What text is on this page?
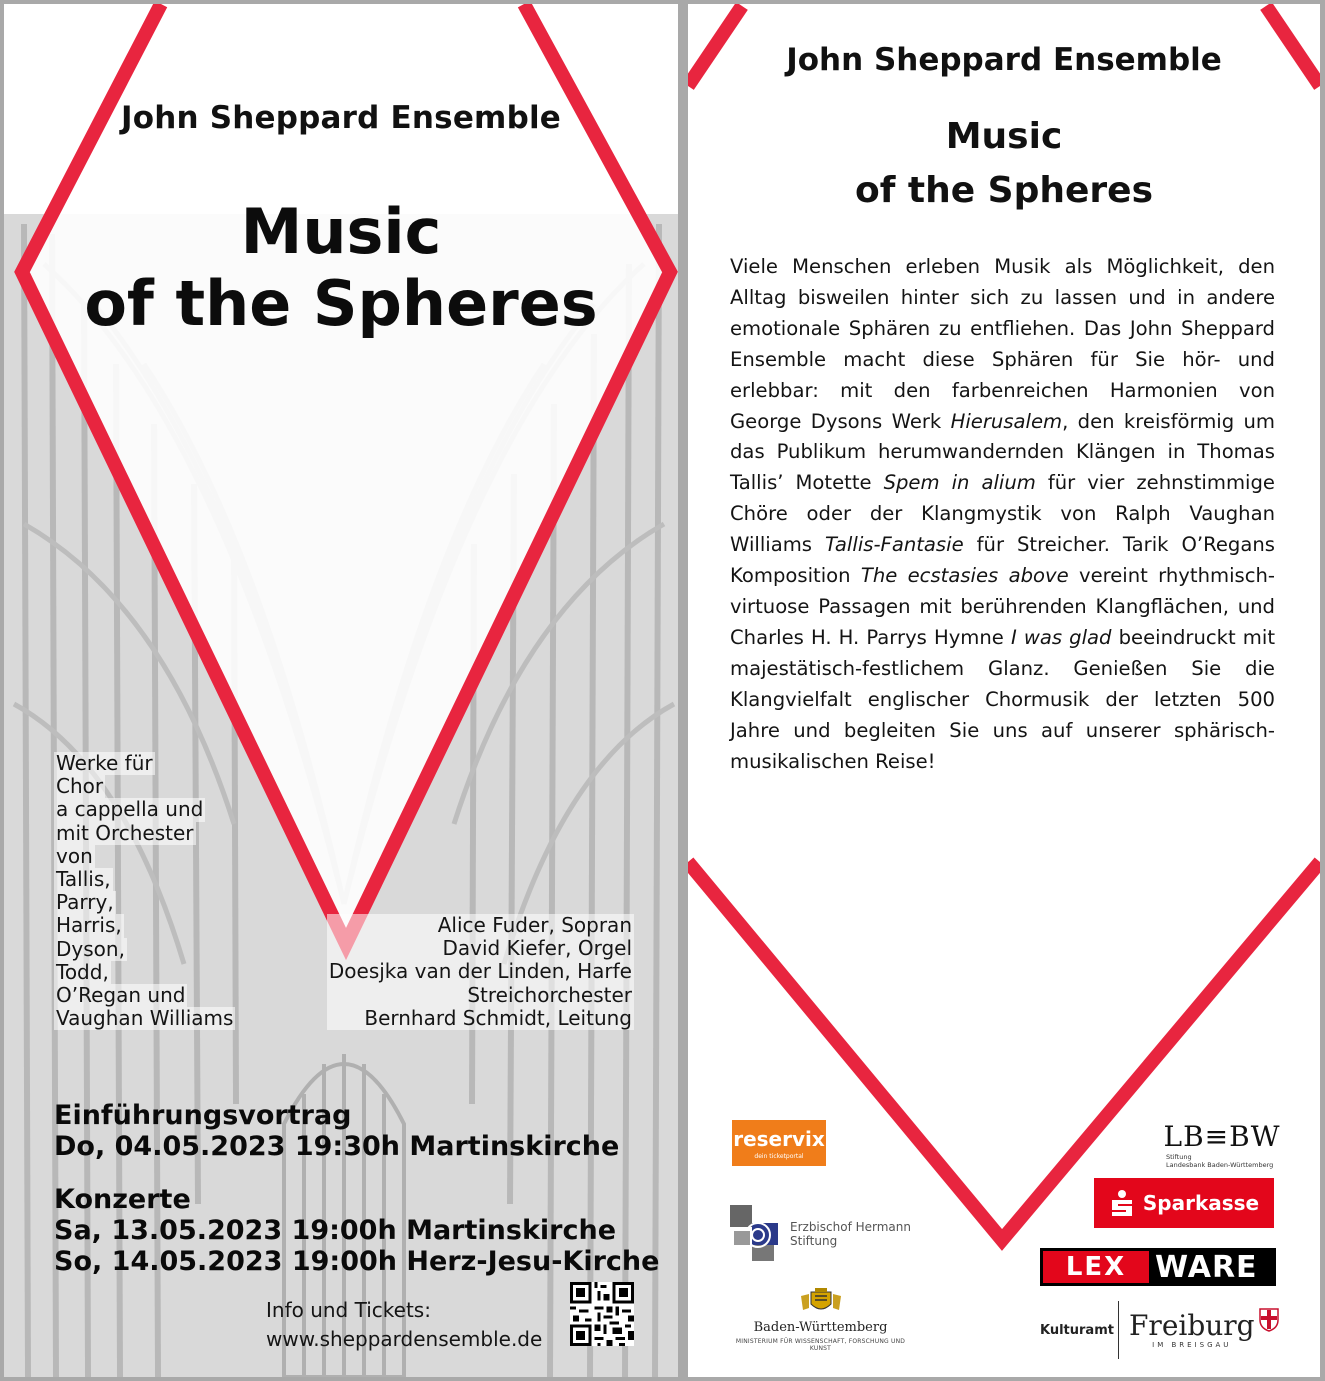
John Sheppard Ensemble
Music
of the Spheres
Werke für
Chor
a cappella und
mit Orchester
von
Tallis,
Parry,
Harris,
Dyson,
Todd,
O’Regan und
Vaughan Williams
Alice Fuder, Sopran
David Kiefer, Orgel
Doesjka van der Linden, Harfe
Streichorchester
Bernhard Schmidt, Leitung
Einführungsvortrag
Do, 04.05.2023 19:30h Martinskirche
Konzerte
Sa, 13.05.2023 19:00h Martinskirche
So, 14.05.2023 19:00h Herz-Jesu-Kirche
Info und Tickets:
www.sheppardensemble.de
John Sheppard Ensemble
Music
of the Spheres
Viele Menschen erleben Musik als Möglichkeit, den Alltag bisweilen hinter sich zu lassen und in andere emotionale Sphären zu entfliehen. Das John Sheppard Ensemble macht diese Sphären für Sie hör- und erlebbar: mit den farbenreichen Harmonien von George Dysons Werk Hierusalem, den kreisförmig um das Publikum herumwandernden Klängen in Thomas Tallis’ Motette Spem in alium für vier zehnstimmige Chöre oder der Klangmystik von Ralph Vaughan Williams Tallis-Fantasie für Streicher. Tarik O’Regans Komposition The ecstasies above vereint rhythmisch-virtuose Passagen mit berührenden Klangflächen, und Charles H. H. Parrys Hymne I was glad beeindruckt mit majestätisch-festlichem Glanz. Genießen Sie die Klangvielfalt englischer Chormusik der letzten 500 Jahre und begleiten Sie uns auf unserer sphärisch-musikalischen Reise!
reservix
dein ticketportal
Erzbischof Hermann
Stiftung
Baden-Württemberg
MINISTERIUM FÜR WISSENSCHAFT, FORSCHUNG UND KUNST
LB≡BW
Stiftung
Landesbank Baden-Württemberg
Sparkasse
LEX WARE
Kulturamt Freiburg
IM BREISGAU
